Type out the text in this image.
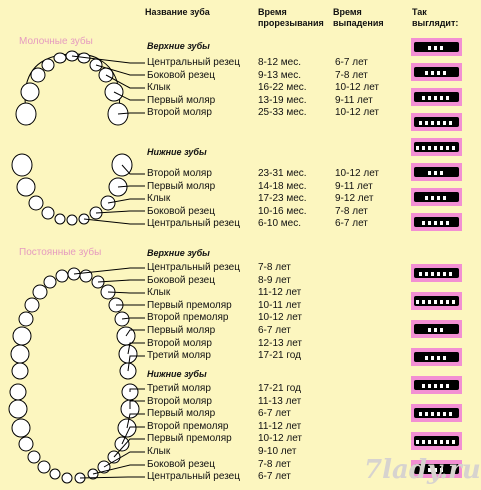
Название зуба	Время прорезывания
Время выпадения
Так выглядит:
Молочные зубы
Постоянные зубы
Верхние зубы
Нижние зубы
Верхние зубы
Нижние зубы
Центральный резец 8-12 мес.	6-7 лет
Боковой резец	9-13 мес.	7-8 лет
Клык	16-22 мес.	10-12 лет
Первый моляр	13-19 мес.	9-11 лет
Второй моляр	25-33 мес.	10-12 лет
Второй моляр	23-31 мес.	10-12 лет
Первый моляр	14-18 мес.	9-11 лет
Клык	17-23 мес.	9-12 лет
Боковой резец	10-16 мес.	7-8 лет
Центральный резец 6-10 мес.	6-7 лет
Центральный резец 7-8 лет
Боковой резец	8-9 лет
Клык	11-12 лет
Первый премоляр	10-11 лет
Второй премоляр	10-12 лет
Первый моляр	6-7 лет
Второй моляр	12-13 лет
Третий моляр	17-21 год
Третий моляр	17-21 год
Второй моляр	11-13 лет
Первый моляр	6-7 лет
Второй премоляр	11-12 лет
Первый премоляр	10-12 лет
Клык	9-10 лет
Боковой резец	7-8 лет
Центральный резец 6-7 лет	7lady.ru
